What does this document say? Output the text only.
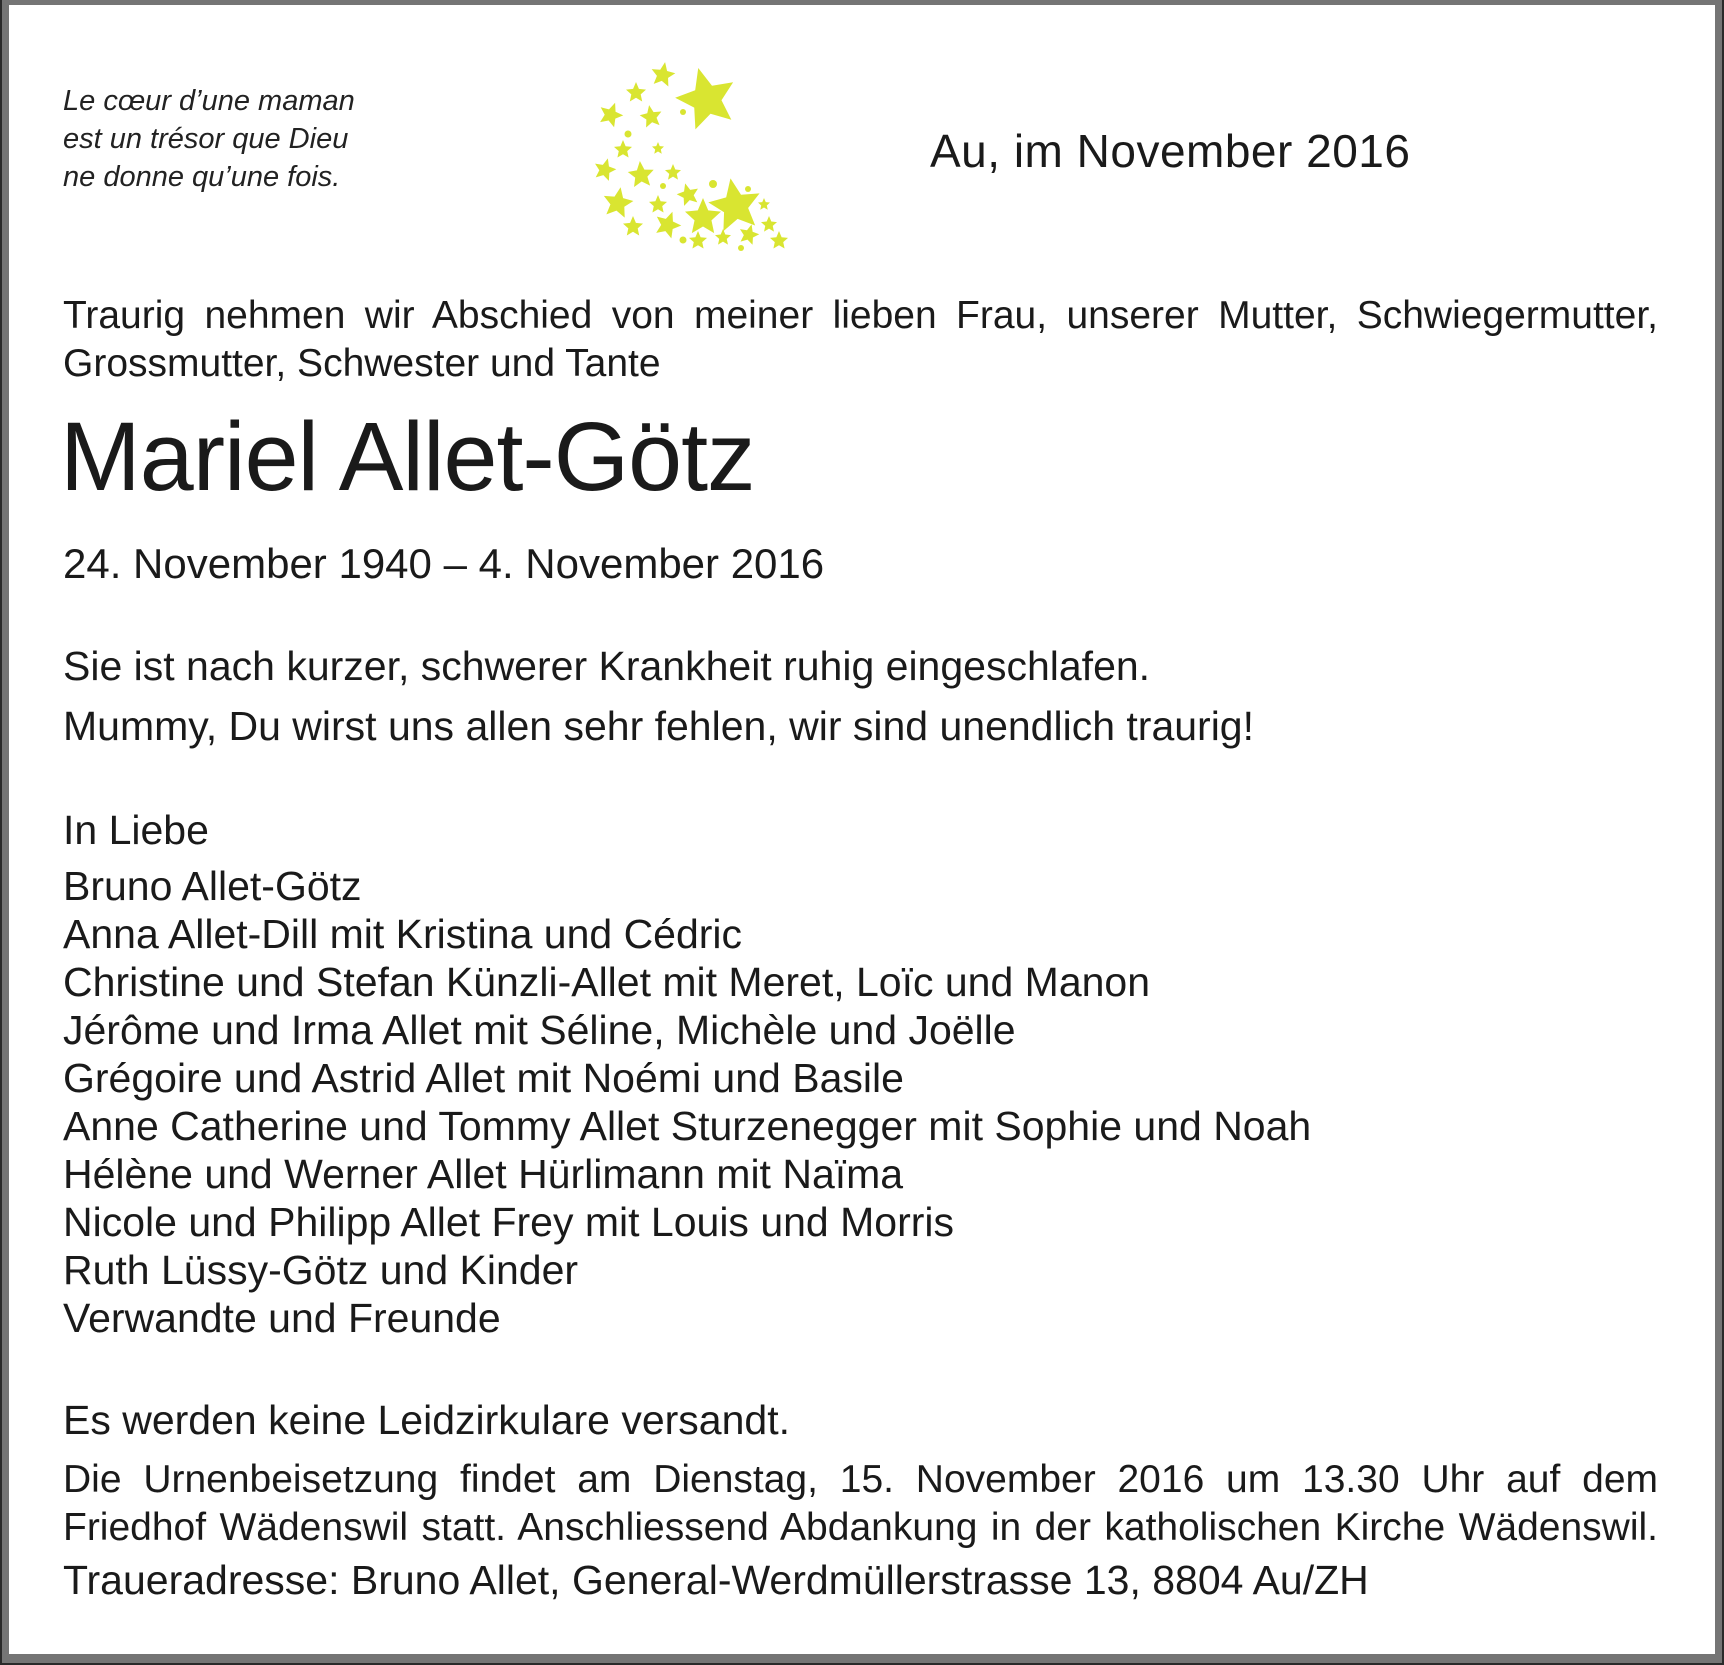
Le cœur d’une maman
est un trésor que Dieu
ne donne qu’une fois.	Au, im November 2016
Traurig nehmen wir Abschied von meiner lieben Frau, unserer Mutter, Schwiegermutter,
Grossmutter, Schwester und Tante
Mariel Allet-Götz
24. November 1940 – 4. November 2016
Sie ist nach kurzer, schwerer Krankheit ruhig eingeschlafen.
Mummy, Du wirst uns allen sehr fehlen, wir sind unendlich traurig!
In Liebe
Bruno Allet-Götz
Anna Allet-Dill mit Kristina und Cédric
Christine und Stefan Künzli-Allet mit Meret, Loïc und Manon
Jérôme und Irma Allet mit Séline, Michèle und Joëlle
Grégoire und Astrid Allet mit Noémi und Basile
Anne Catherine und Tommy Allet Sturzenegger mit Sophie und Noah
Hélène und Werner Allet Hürlimann mit Naïma
Nicole und Philipp Allet Frey mit Louis und Morris
Ruth Lüssy-Götz und Kinder
Verwandte und Freunde
Es werden keine Leidzirkulare versandt.
Die Urnenbeisetzung findet am Dienstag, 15. November 2016 um 13.30 Uhr auf dem
Friedhof Wädenswil statt. Anschliessend Abdankung in der katholischen Kirche Wädenswil.
Traueradresse: Bruno Allet, General-Werdmüllerstrasse 13, 8804 Au/ZH
